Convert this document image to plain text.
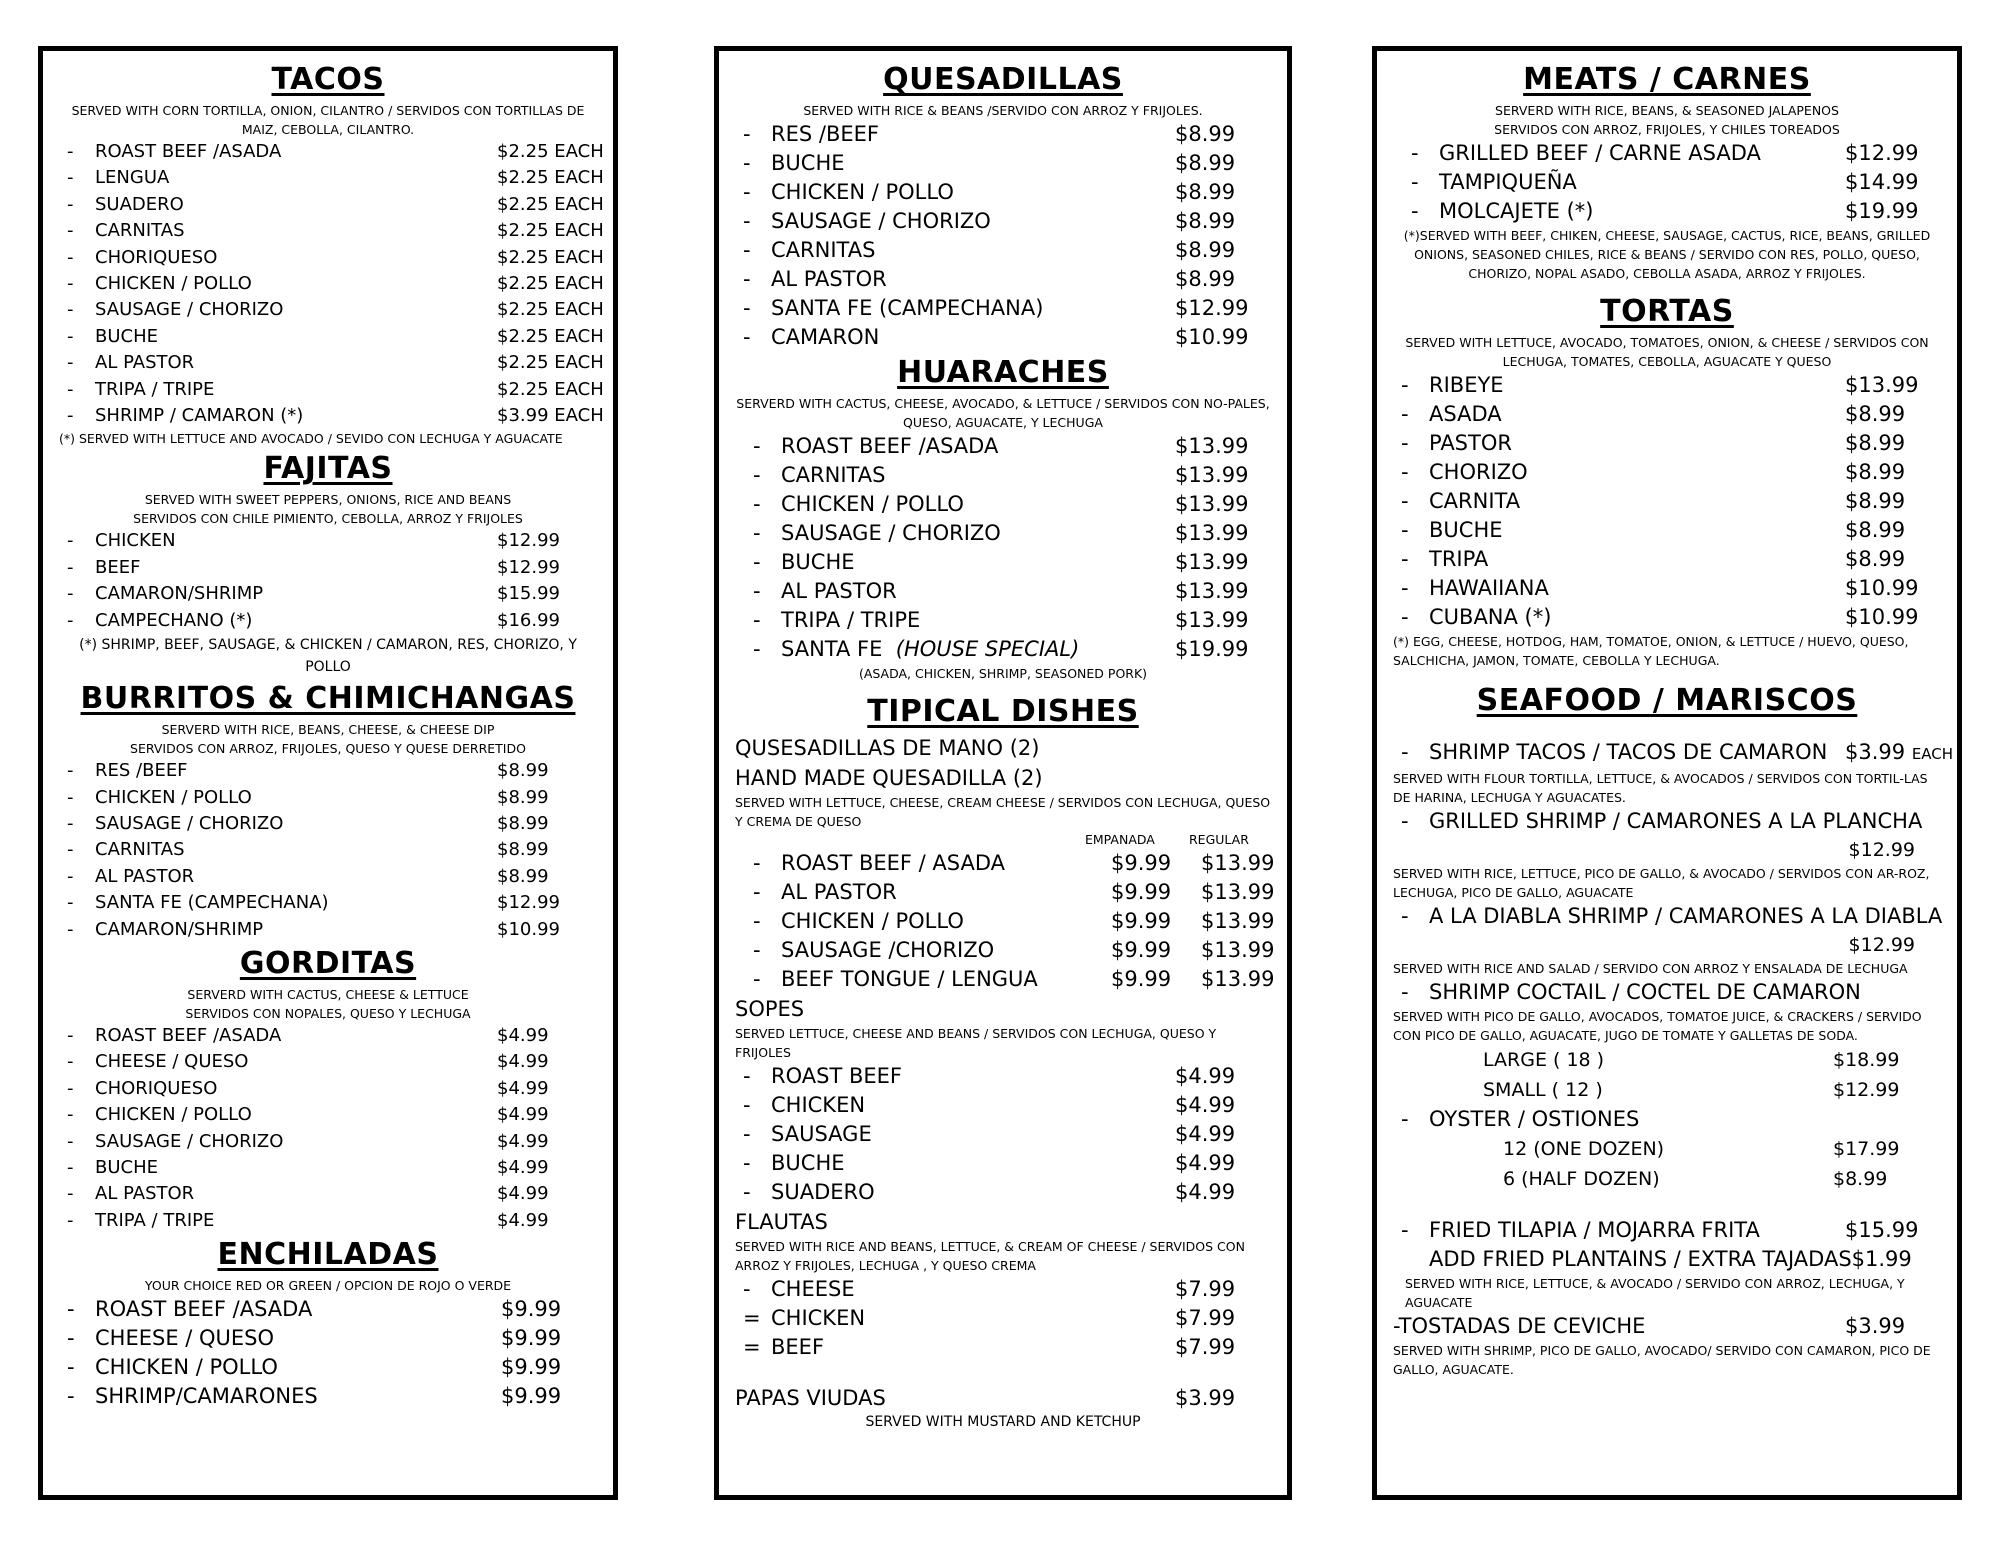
TACOS

SERVED WITH CORN TORTILLA, ONION, CILANTRO / SERVIDOS CON TORTILLAS DE MAIZ, CEBOLLA, CILANTRO.

-	ROAST BEEF /ASADA	$2.25 EACH
-	LENGUA	$2.25 EACH
-	SUADERO	$2.25 EACH
-	CARNITAS	$2.25 EACH
-	CHORIQUESO	$2.25 EACH
-	CHICKEN / POLLO	$2.25 EACH
-	SAUSAGE / CHORIZO	$2.25 EACH
-	BUCHE	$2.25 EACH
-	AL PASTOR	$2.25 EACH
-	TRIPA / TRIPE	$2.25 EACH
-	SHRIMP / CAMARON (*)	$3.99 EACH

(*) SERVED WITH LETTUCE AND AVOCADO / SEVIDO CON LECHUGA Y AGUACATE

FAJITAS

SERVED WITH SWEET PEPPERS, ONIONS, RICE AND BEANS

SERVIDOS CON CHILE PIMIENTO, CEBOLLA, ARROZ Y FRIJOLES

-	CHICKEN	$12.99
-	BEEF	$12.99
-	CAMARON/SHRIMP	$15.99
-	CAMPECHANO (*)	$16.99

(*) SHRIMP, BEEF, SAUSAGE, & CHICKEN / CAMARON, RES, CHORIZO, Y POLLO

BURRITOS & CHIMICHANGAS

SERVERD WITH RICE, BEANS, CHEESE, & CHEESE DIP

SERVIDOS CON ARROZ, FRIJOLES, QUESO Y QUESE DERRETIDO

-	RES /BEEF	$8.99
-	CHICKEN / POLLO	$8.99
-	SAUSAGE / CHORIZO	$8.99
-	CARNITAS	$8.99
-	AL PASTOR	$8.99
-	SANTA FE (CAMPECHANA)	$12.99
-	CAMARON/SHRIMP	$10.99
GORDITAS

SERVERD WITH CACTUS, CHEESE & LETTUCE

SERVIDOS CON NOPALES, QUESO Y LECHUGA

-	ROAST BEEF /ASADA	$4.99
-	CHEESE / QUESO	$4.99
-	CHORIQUESO	$4.99
-	CHICKEN / POLLO	$4.99
-	SAUSAGE / CHORIZO	$4.99
-	BUCHE	$4.99
-	AL PASTOR	$4.99
-	TRIPA / TRIPE	$4.99
ENCHILADAS

YOUR CHOICE RED OR GREEN / OPCION DE ROJO O VERDE

- ROAST BEEF /ASADA	$9.99
- CHEESE / QUESO	$9.99
- CHICKEN / POLLO	$9.99
- SHRIMP/CAMARONES	$9.99
QUESADILLAS

SERVED WITH RICE & BEANS /SERVIDO CON ARROZ Y FRIJOLES.

- RES /BEEF	$8.99
- BUCHE	$8.99
- CHICKEN / POLLO	$8.99
- SAUSAGE / CHORIZO	$8.99
- CARNITAS	$8.99
- AL PASTOR	$8.99
- SANTA FE (CAMPECHANA)	$12.99
- CAMARON	$10.99
HUARACHES

SERVERD WITH CACTUS, CHEESE, AVOCADO, & LETTUCE / SERVIDOS CON NO-PALES, QUESO, AGUACATE, Y LECHUGA

- ROAST BEEF /ASADA	$13.99
- CARNITAS	$13.99
- CHICKEN / POLLO	$13.99
- SAUSAGE / CHORIZO	$13.99
- BUCHE	$13.99
- AL PASTOR	$13.99
- TRIPA / TRIPE	$13.99
- SANTA FE (HOUSE SPECIAL)	$19.99

(ASADA, CHICKEN, SHRIMP, SEASONED PORK)

TIPICAL DISHES

QUSESADILLAS DE MANO (2)

HAND MADE QUESADILLA (2)

SERVED WITH LETTUCE, CHEESE, CREAM CHEESE / SERVIDOS CON LECHUGA, QUESO Y CREMA DE QUESO

EMPANADA	REGULAR
- ROAST BEEF / ASADA	$9.99	$13.99
- AL PASTOR	$9.99	$13.99
- CHICKEN / POLLO	$9.99	$13.99
- SAUSAGE /CHORIZO	$9.99	$13.99
- BEEF TONGUE / LENGUA	$9.99	$13.99

SOPES

SERVED LETTUCE, CHEESE AND BEANS / SERVIDOS CON LECHUGA, QUESO Y FRIJOLES

- ROAST BEEF	$4.99
- CHICKEN	$4.99
- SAUSAGE	$4.99
- BUCHE	$4.99
- SUADERO	$4.99

FLAUTAS

SERVED WITH RICE AND BEANS, LETTUCE, & CREAM OF CHEESE / SERVIDOS CON ARROZ Y FRIJOLES, LECHUGA , Y QUESO CREMA

- CHEESE	$7.99
= CHICKEN	$7.99
= BEEF	$7.99
PAPAS VIUDAS	$3.99

SERVED WITH MUSTARD AND KETCHUP

MEATS / CARNES

SERVERD WITH RICE, BEANS, & SEASONED JALAPENOS

SERVIDOS CON ARROZ, FRIJOLES, Y CHILES TOREADOS

- GRILLED BEEF / CARNE ASADA	$12.99
- TAMPIQUEÑA	$14.99
- MOLCAJETE (*)	$19.99

(*)SERVED WITH BEEF, CHIKEN, CHEESE, SAUSAGE, CACTUS, RICE, BEANS, GRILLED ONIONS, SEASONED CHILES, RICE & BEANS / SERVIDO CON RES, POLLO, QUESO, CHORIZO, NOPAL ASADO, CEBOLLA ASADA, ARROZ Y FRIJOLES.

TORTAS

SERVED WITH LETTUCE, AVOCADO, TOMATOES, ONION, & CHEESE / SERVIDOS CON LECHUGA, TOMATES, CEBOLLA, AGUACATE Y QUESO

- RIBEYE	$13.99
- ASADA	$8.99
- PASTOR	$8.99
- CHORIZO	$8.99
- CARNITA	$8.99
- BUCHE	$8.99
- TRIPA	$8.99
- HAWAIIANA	$10.99
- CUBANA (*)	$10.99

(*) EGG, CHEESE, HOTDOG, HAM, TOMATOE, ONION, & LETTUCE / HUEVO, QUESO, SALCHICHA, JAMON, TOMATE, CEBOLLA Y LECHUGA.

SEAFOOD / MARISCOS
- SHRIMP TACOS / TACOS DE CAMARON $3.99 EACH

SERVED WITH FLOUR TORTILLA, LETTUCE, & AVOCADOS / SERVIDOS CON TORTIL-LAS DE HARINA, LECHUGA Y AGUACATES.

- GRILLED SHRIMP / CAMARONES A LA PLANCHA
$12.99

SERVED WITH RICE, LETTUCE, PICO DE GALLO, & AVOCADO / SERVIDOS CON AR-ROZ, LECHUGA, PICO DE GALLO, AGUACATE

- A LA DIABLA SHRIMP / CAMARONES A LA DIABLA
$12.99

SERVED WITH RICE AND SALAD / SERVIDO CON ARROZ Y ENSALADA DE LECHUGA

- SHRIMP COCTAIL / COCTEL DE CAMARON

SERVED WITH PICO DE GALLO, AVOCADOS, TOMATOE JUICE, & CRACKERS / SERVIDO CON PICO DE GALLO, AGUACATE, JUGO DE TOMATE Y GALLETAS DE SODA.

LARGE ( 18 )	$18.99
SMALL ( 12 )	$12.99
- OYSTER / OSTIONES
12 (ONE DOZEN)	$17.99
6 (HALF DOZEN)	$8.99
- FRIED TILAPIA / MOJARRA FRITA	$15.99
ADD FRIED PLANTAINS / EXTRA TAJADAS $1.99

SERVED WITH RICE, LETTUCE, & AVOCADO / SERVIDO CON ARROZ, LECHUGA, Y AGUACATE

-TOSTADAS DE CEVICHE	$3.99

SERVED WITH SHRIMP, PICO DE GALLO, AVOCADO/ SERVIDO CON CAMARON, PICO DE GALLO, AGUACATE.
